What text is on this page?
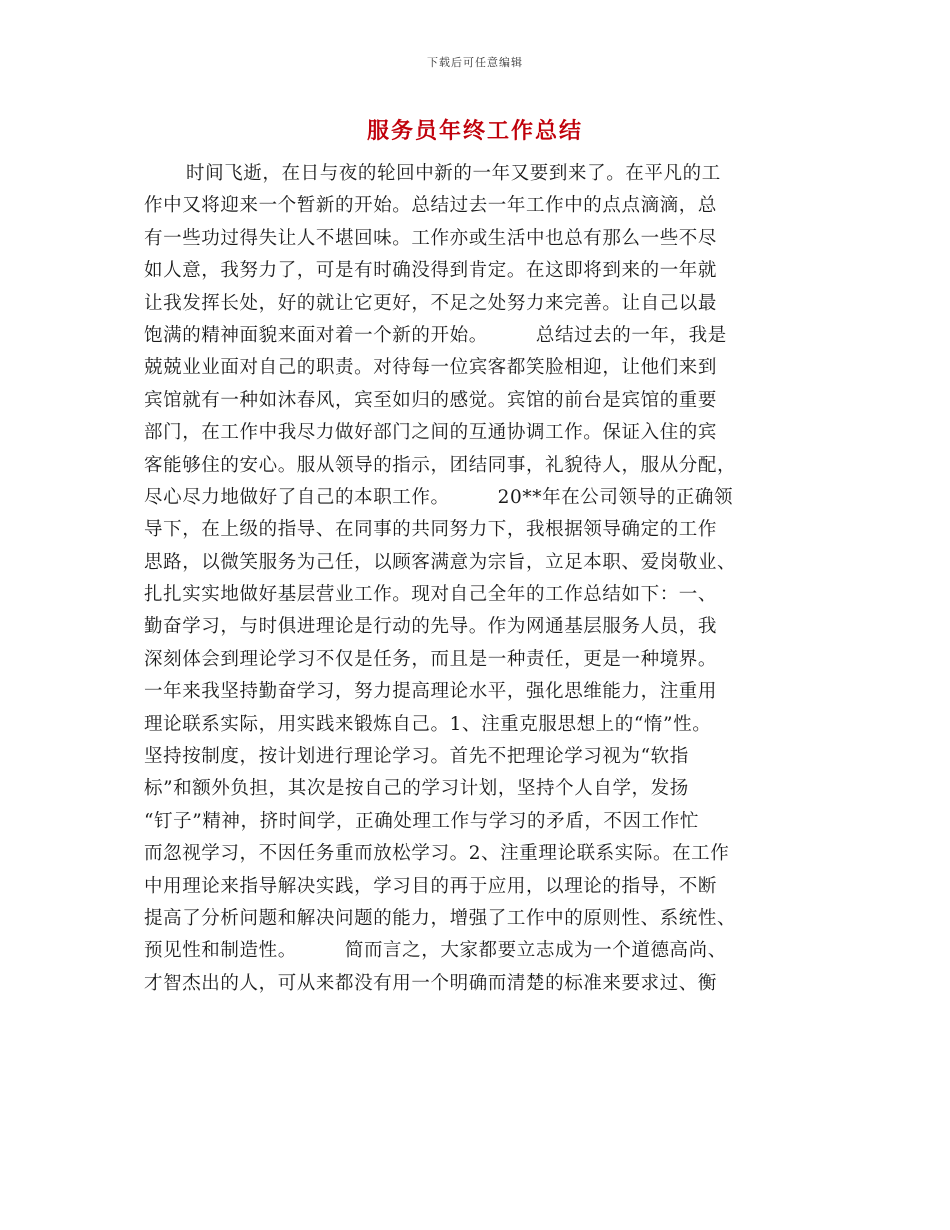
下载后可任意编辑
服务员年终工作总结
时间飞逝，在日与夜的轮回中新的一年又要到来了。在平凡的工
作中又将迎来一个暂新的开始。总结过去一年工作中的点点滴滴，总
有一些功过得失让人不堪回味。工作亦或生活中也总有那么一些不尽
如人意，我努力了，可是有时确没得到肯定。在这即将到来的一年就
让我发挥长处，好的就让它更好，不足之处努力来完善。让自己以最
饱满的精神面貌来面对着一个新的开始。　　　总结过去的一年，我是
兢兢业业面对自己的职责。对待每一位宾客都笑脸相迎，让他们来到
宾馆就有一种如沐春风，宾至如归的感觉。宾馆的前台是宾馆的重要
部门，在工作中我尽力做好部门之间的互通协调工作。保证入住的宾
客能够住的安心。服从领导的指示，团结同事，礼貌待人，服从分配，
尽心尽力地做好了自己的本职工作。　　　20**年在公司领导的正确领
导下，在上级的指导、在同事的共同努力下，我根据领导确定的工作
思路，以微笑服务为己任，以顾客满意为宗旨，立足本职、爱岗敬业、
扎扎实实地做好基层营业工作。现对自己全年的工作总结如下：一、
勤奋学习，与时俱进理论是行动的先导。作为网通基层服务人员，我
深刻体会到理论学习不仅是任务，而且是一种责任，更是一种境界。
一年来我坚持勤奋学习，努力提高理论水平，强化思维能力，注重用
理论联系实际，用实践来锻炼自己。1、注重克服思想上的“惰”性。
坚持按制度，按计划进行理论学习。首先不把理论学习视为“软指
标”和额外负担，其次是按自己的学习计划，坚持个人自学，发扬
“钉子”精神，挤时间学，正确处理工作与学习的矛盾，不因工作忙
而忽视学习，不因任务重而放松学习。2、注重理论联系实际。在工作
中用理论来指导解决实践，学习目的再于应用，以理论的指导，不断
提高了分析问题和解决问题的能力，增强了工作中的原则性、系统性、
预见性和制造性。　　　简而言之，大家都要立志成为一个道德高尚、
才智杰出的人，可从来都没有用一个明确而清楚的标准来要求过、衡
